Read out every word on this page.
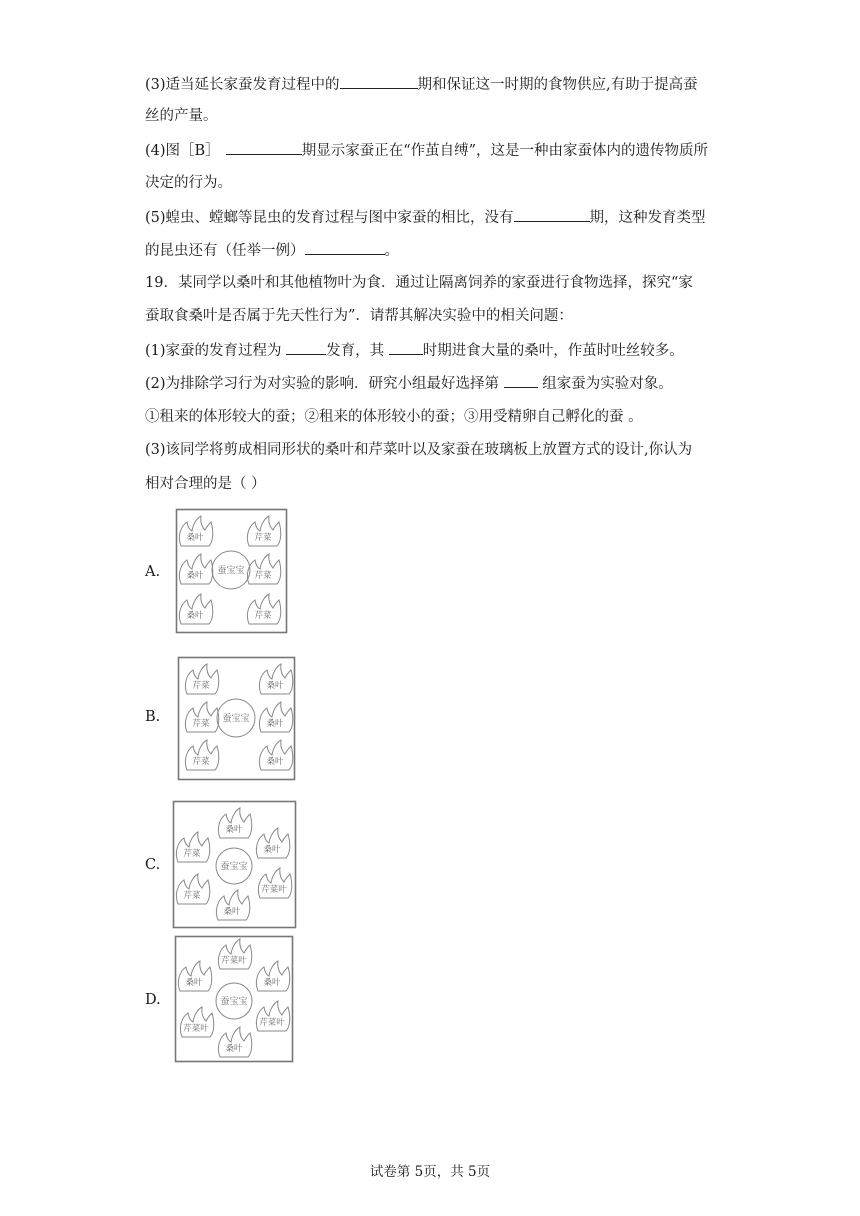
(3)适当延长家蚕发育过程中的	期和保证这一时期的食物供应,有助于提高蚕
丝的产量。
(4)图［B］	期显示家蚕正在“作茧自缚”，这是一种由家蚕体内的遗传物质所
决定的行为。
(5)蝗虫、螳螂等昆虫的发育过程与图中家蚕的相比，没有	期，这种发育类型
的昆虫还有（任举一例）	。
19．某同学以桑叶和其他植物叶为食．通过让隔离饲养的家蚕进行食物选择，探究“家
蚕取食桑叶是否属于先天性行为”．请帮其解决实验中的相关问题：
(1)家蚕的发育过程为	发育，其 时期进食大量的桑叶，作茧时吐丝较多。
(2)为排除学习行为对实验的影响．研究小组最好选择第  组家蚕为实验对象。
①租来的体形较大的蚕；②租来的体形较小的蚕；③用受精卵自己孵化的蚕 。
(3)该同学将剪成相同形状的桑叶和芹菜叶以及家蚕在玻璃板上放置方式的设计,你认为
相对合理的是（ ）
A.	蚕宝宝
桑叶	芹菜
桑叶	芹菜
桑叶	芹菜
B.	蚕宝宝
芹菜	桑叶
芹菜	桑叶
芹菜	桑叶
C.	蚕宝宝
桑叶
芹菜	桑叶
芹菜
桑叶
芹菜叶
D.	蚕宝宝
芹菜叶
桑叶	桑叶
芹菜叶
芹菜叶
桑叶
试卷第 5页，共 5页
